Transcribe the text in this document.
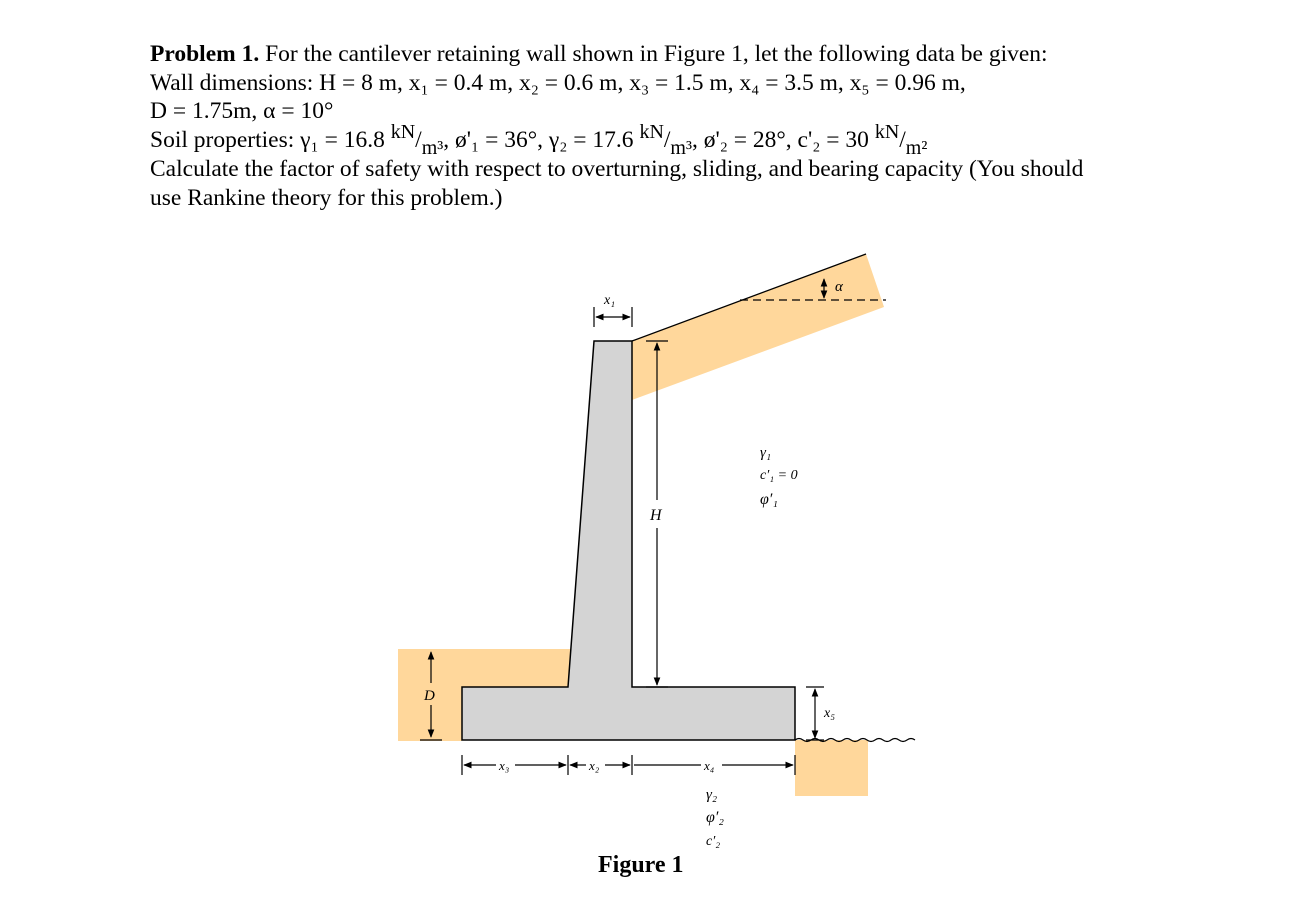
Problem 1. For the cantilever retaining wall shown in Figure 1, let the following data be given:
Wall dimensions: H = 8 m, x₁ = 0.4 m, x₂ = 0.6 m, x₃ = 1.5 m, x₄ = 3.5 m, x₅ = 0.96 m,
D = 1.75m, α = 10°
Soil properties: γ₁ = 16.8 kN/m³, ø'₁ = 36°, γ₂ = 17.6 kN/m³, ø'₂ = 28°, c'₂ = 30 kN/m²
Calculate the factor of safety with respect to overturning, sliding, and bearing capacity (You should
use Rankine theory for this problem.)
α
x₁
H
γ₁
c′₁ = 0
φ′₁
D
x₅
x₃	x₂	x₄
γ₂
φ′₂
c′₂
Figure 1
